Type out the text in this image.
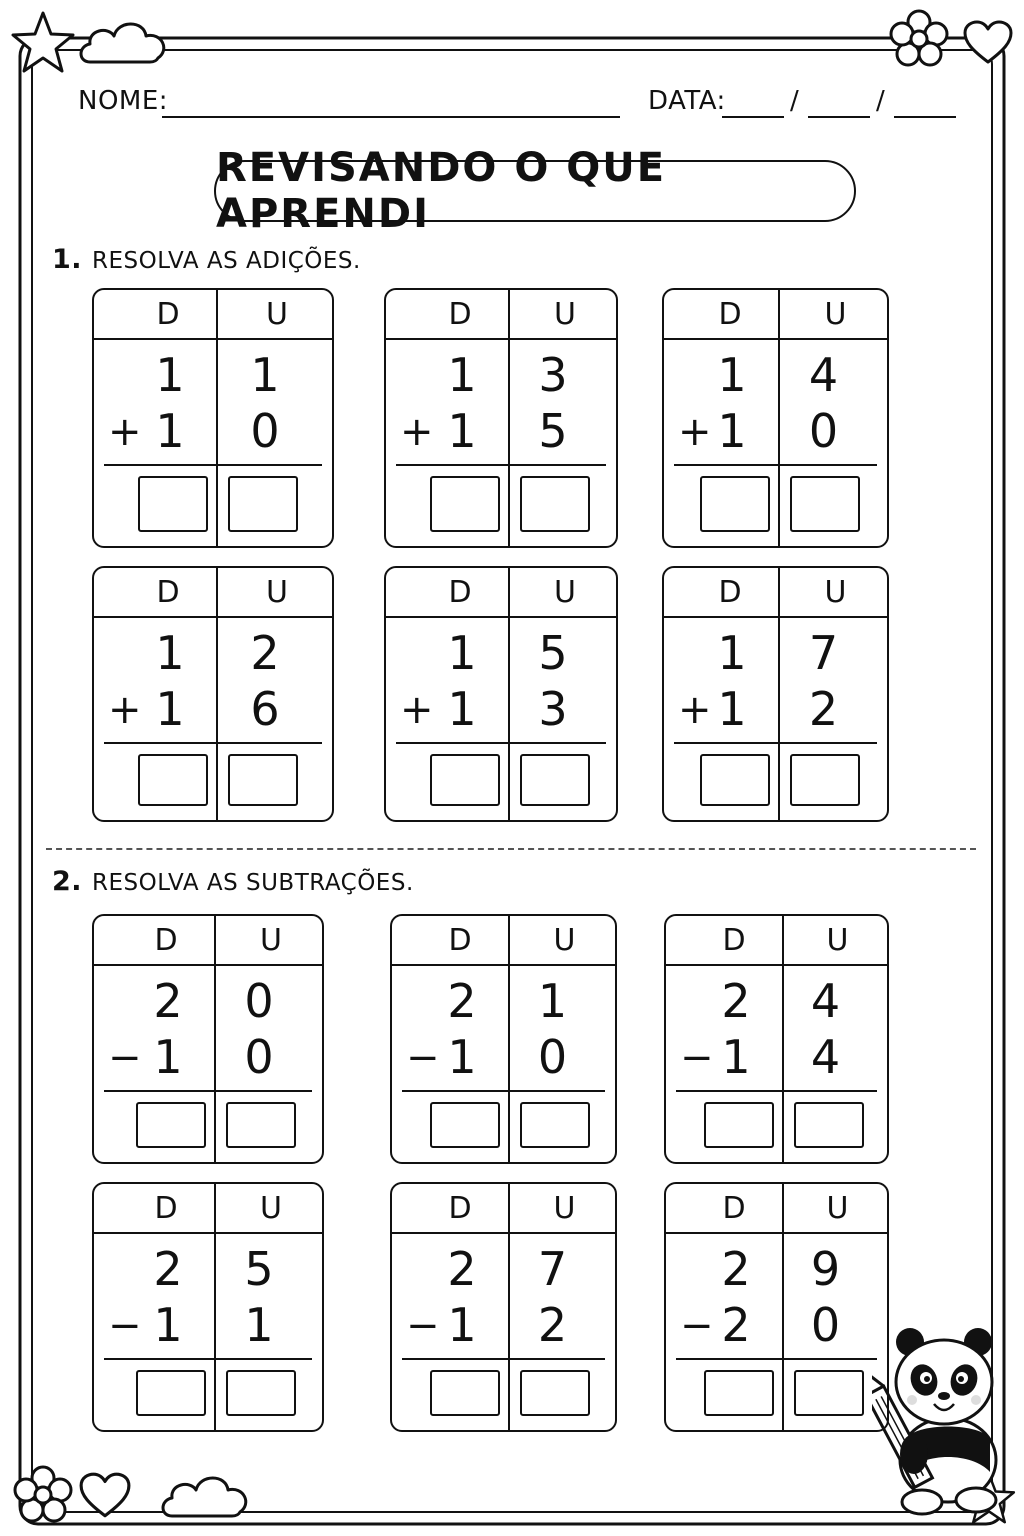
NOME:	DATA: /	/
REVISANDO O QUE APRENDI
1. RESOLVA AS ADIÇÕES.
2. RESOLVA AS SUBTRAÇÕES.
D	U
1	1
+ 1	0
D	U
1	3
+ 1	5
D	U
1	4
+ 1	0
D	U
1	2
+ 1	6
D	U
1	5
+ 1	3
D	U
1	7
+ 1	2
D	U
2	0
− 1	0
D	U
2	1
− 1	0
D	U
2	4
− 1	4
D	U
2	5
− 1	1
D	U
2	7
− 1	2
D	U
2	9
− 2	0
